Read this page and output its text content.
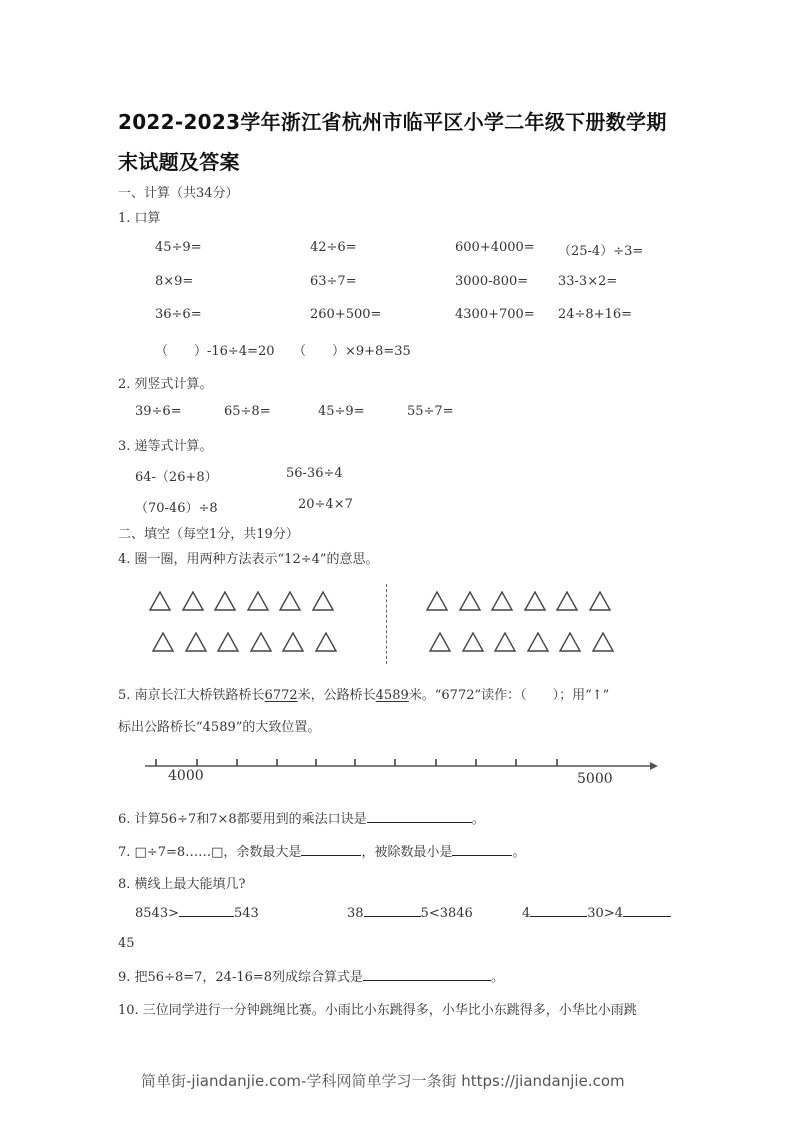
2022-2023学年浙江省杭州市临平区小学二年级下册数学期
末试题及答案
一、计算（共34分）
1. 口算
45÷9=	42÷6=	600+4000= （25-4）÷3=
8×9=	63÷7=	3000-800= 33-3×2=
36÷6=	260+500=	4300+700= 24÷8+16=
（　　）-16÷4=20 （　　）×9+8=35
2. 列竖式计算。
39÷6=	65÷8=	45÷9=	55÷7=
3. 递等式计算。
64-（26+8）	56-36÷4
（70-46）÷8	20÷4×7
二、填空（每空1分，共19分）
4. 圈一圈，用两种方法表示“12÷4”的意思。
5. 南京长江大桥铁路桥长6772米，公路桥长4589米。“6772”读作：（　　）；用“↑”
标出公路桥长“4589”的大致位置。
4000	5000
6. 计算56÷7和7×8都要用到的乘法口诀是	。
7. □÷7=8……□，余数最大是	，被除数最小是	。
8. 横线上最大能填几?
8543>	543	38	5<3846	4	30>4
45
9. 把56÷8=7，24-16=8列成综合算式是	。
10. 三位同学进行一分钟跳绳比赛。小雨比小东跳得多，小华比小东跳得多，小华比小雨跳
简单街-jiandanjie.com-学科网简单学习一条街 https://jiandanjie.com
